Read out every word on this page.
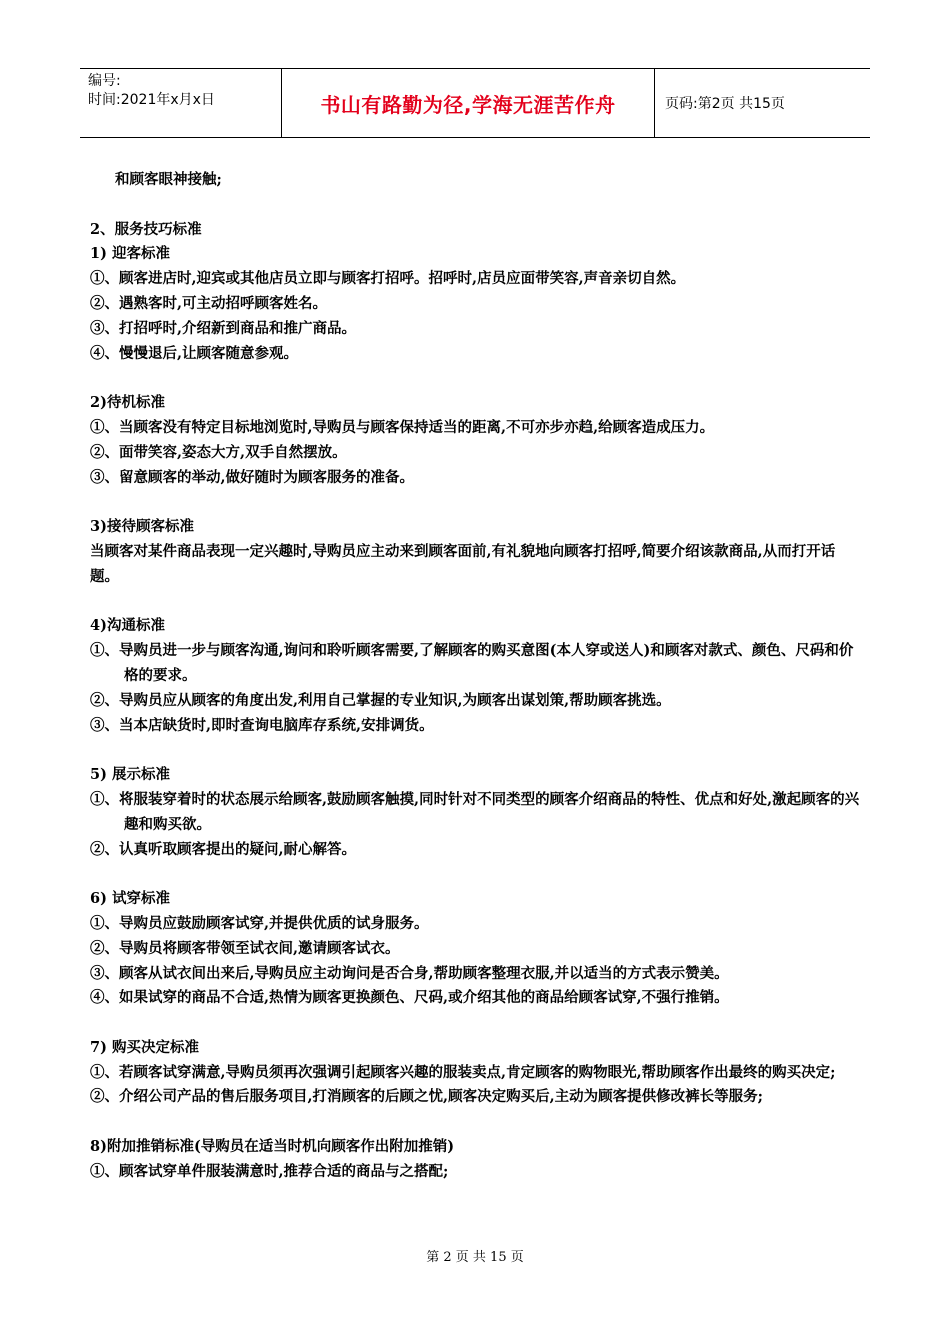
编号:
时间:2021年x月x日	书山有路勤为径,学海无涯苦作舟	页码:第2页 共15页
和顾客眼神接触;
2、服务技巧标准
1) 迎客标准
①、顾客进店时,迎宾或其他店员立即与顾客打招呼。招呼时,店员应面带笑容,声音亲切自然。
②、遇熟客时,可主动招呼顾客姓名。
③、打招呼时,介绍新到商品和推广商品。
④、慢慢退后,让顾客随意参观。
2)待机标准
①、当顾客没有特定目标地浏览时,导购员与顾客保持适当的距离,不可亦步亦趋,给顾客造成压力。
②、面带笑容,姿态大方,双手自然摆放。
③、留意顾客的举动,做好随时为顾客服务的准备。
3)接待顾客标准
当顾客对某件商品表现一定兴趣时,导购员应主动来到顾客面前,有礼貌地向顾客打招呼,简要介绍该款商品,从而打开话题。
4)沟通标准
①、导购员进一步与顾客沟通,询问和聆听顾客需要,了解顾客的购买意图(本人穿或送人)和顾客对款式、颜色、尺码和价格的要求。
②、导购员应从顾客的角度出发,利用自己掌握的专业知识,为顾客出谋划策,帮助顾客挑选。
③、当本店缺货时,即时查询电脑库存系统,安排调货。
5) 展示标准
①、将服装穿着时的状态展示给顾客,鼓励顾客触摸,同时针对不同类型的顾客介绍商品的特性、优点和好处,激起顾客的兴趣和购买欲。
②、认真听取顾客提出的疑问,耐心解答。
6) 试穿标准
①、导购员应鼓励顾客试穿,并提供优质的试身服务。
②、导购员将顾客带领至试衣间,邀请顾客试衣。
③、顾客从试衣间出来后,导购员应主动询问是否合身,帮助顾客整理衣服,并以适当的方式表示赞美。
④、如果试穿的商品不合适,热情为顾客更换颜色、尺码,或介绍其他的商品给顾客试穿,不强行推销。
7) 购买决定标准
①、若顾客试穿满意,导购员须再次强调引起顾客兴趣的服装卖点,肯定顾客的购物眼光,帮助顾客作出最终的购买决定;
②、介绍公司产品的售后服务项目,打消顾客的后顾之忧,顾客决定购买后,主动为顾客提供修改裤长等服务;
8)附加推销标准(导购员在适当时机向顾客作出附加推销)
①、顾客试穿单件服装满意时,推荐合适的商品与之搭配;
第 2 页 共 15 页
